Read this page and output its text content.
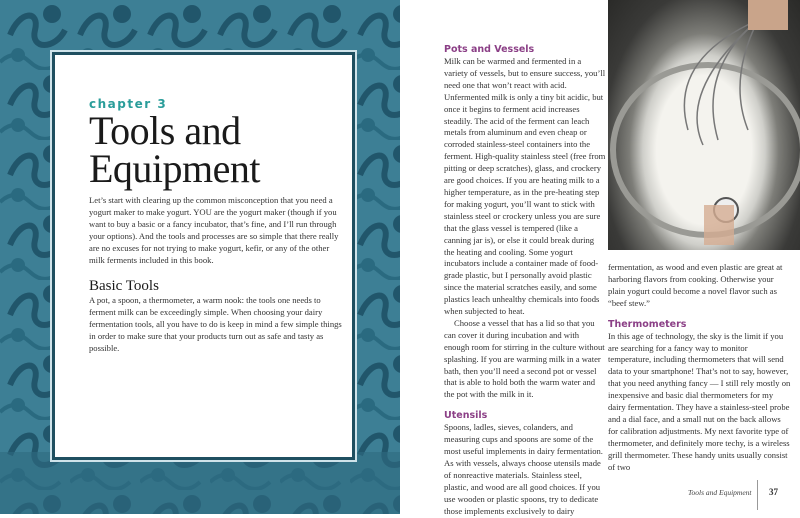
chapter 3
Tools and
Equipment

Let’s start with clearing up the common misconception that you need a yogurt maker to make yogurt. YOU are the yogurt maker (though if you want to buy a basic or a fancy incubator, that’s fine, and I’ll run through your options). And the tools and processes are so simple that there really are no excuses for not trying to make yogurt, kefir, or any of the other milk ferments included in this book.

Basic Tools

A pot, a spoon, a thermometer, a warm nook: the tools one needs to ferment milk can be exceedingly simple. When choosing your dairy fermentation tools, all you have to do is keep in mind a few simple things in order to make sure that your products turn out as safe and tasty as possible.

Pots and Vessels

Milk can be warmed and fermented in a variety of vessels, but to ensure success, you’ll need one that won’t react with acid. Unfermented milk is only a tiny bit acidic, but once it begins to ferment acid increases steadily. The acid of the ferment can leach metals from aluminum and even cheap or corroded stainless-steel containers into the ferment. High-quality stainless steel (free from pitting or deep scratches), glass, and crockery are good choices. If you are heating milk to a higher temperature, as in the pre-heating step for making yogurt, you’ll want to stick with stainless steel or crockery unless you are sure that the glass vessel is tempered (like a canning jar is), or else it could break during the heating and cooling. Some yogurt incubators include a container made of food-grade plastic, but I personally avoid plastic since the material scratches easily, and some plastics leach unhealthy chemicals into foods when subjected to heat.

Choose a vessel that has a lid so that you can cover it during incubation and with enough room for stirring in the culture without splashing. If you are warming milk in a water bath, then you’ll need a second pot or vessel that is able to hold both the warm water and the pot with the milk in it.

Utensils

Spoons, ladles, sieves, colanders, and measuring cups and spoons are some of the most useful implements in dairy fermentation. As with vessels, always choose utensils made of nonreactive materials. Stainless steel, plastic, and wood are all good choices. If you use wooden or plastic spoons, try to dedicate those implements exclusively to dairy

fermentation, as wood and even plastic are great at harboring flavors from cooking. Otherwise your plain yogurt could become a novel flavor such as “beef stew.”

Thermometers

In this age of technology, the sky is the limit if you are searching for a fancy way to monitor temperature, including thermometers that will send data to your smartphone! That’s not to say, however, that you need anything fancy — I still rely mostly on inexpensive and basic dial thermometers for my dairy fermentation. They have a stainless-steel probe and a dial face, and a small nut on the back allows for calibration adjustments. My next favorite type of thermometer, and definitely more techy, is a wireless grill thermometer. These handy units usually consist of two

Tools and Equipment 37
